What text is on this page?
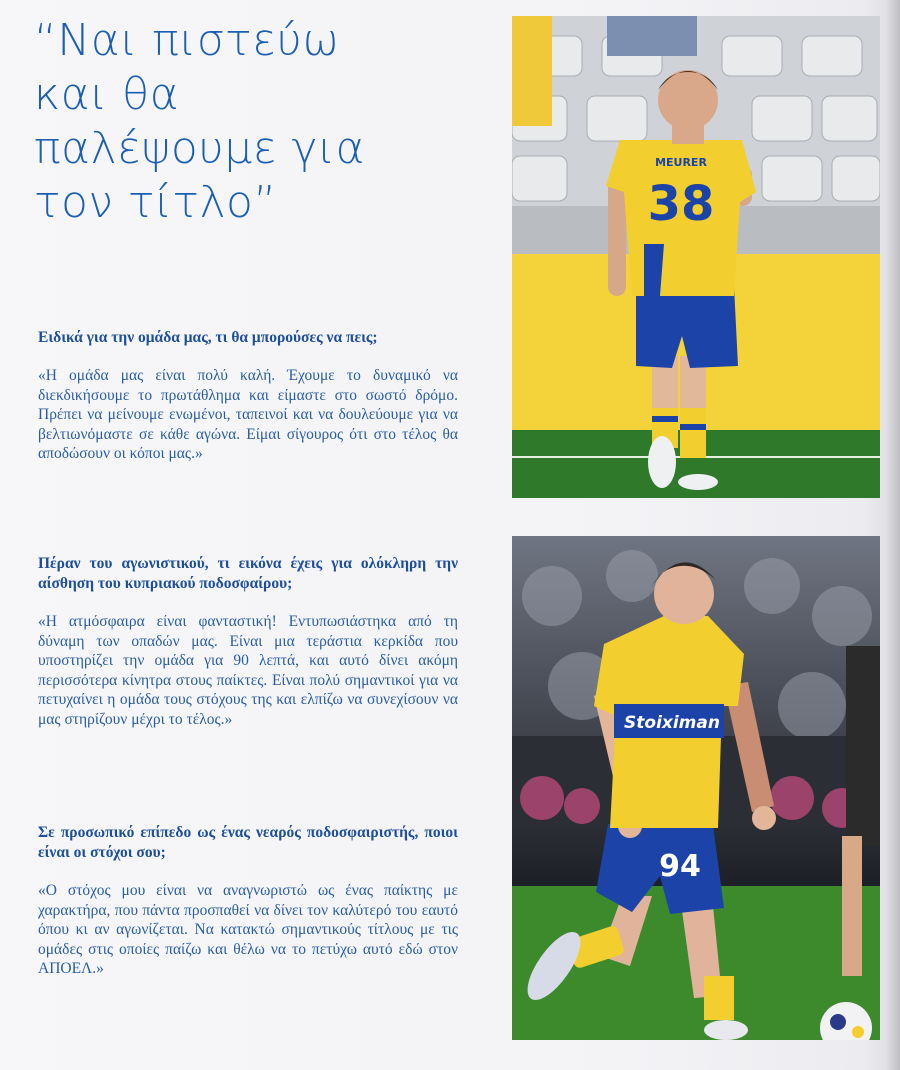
“Ναι πιστεύω
και θα
παλέψουμε για
τον τίτλο”
Ειδικά για την ομάδα μας, τι θα μπορούσες να πεις;
«Η ομάδα μας είναι πολύ καλή. Έχουμε το δυναμικό να διεκδικήσουμε το πρωτάθλημα και είμαστε στο σωστό δρόμο. Πρέπει να μείνουμε ενωμένοι, ταπεινοί και να δουλεύουμε για να βελτιωνόμαστε σε κάθε αγώνα. Είμαι σίγουρος ότι στο τέλος θα αποδώσουν οι κόποι μας.»
Πέραν του αγωνιστικού, τι εικόνα έχεις για ολόκληρη την αίσθηση του κυπριακού ποδοσφαίρου;
«Η ατμόσφαιρα είναι φανταστική! Εντυπωσιάστηκα από τη δύναμη των οπαδών μας. Είναι μια τεράστια κερκίδα που υποστηρίζει την ομάδα για 90 λεπτά, και αυτό δίνει ακόμη περισσότερα κίνητρα στους παίκτες. Είναι πολύ σημαντικοί για να πετυχαίνει η ομάδα τους στόχους της και ελπίζω να συνεχίσουν να μας στηρίζουν μέχρι το τέλος.»
Σε προσωπικό επίπεδο ως ένας νεαρός ποδοσφαιριστής, ποιοι είναι οι στόχοι σου;
«Ο στόχος μου είναι να αναγνωριστώ ως ένας παίκτης με χαρακτήρα, που πάντα προσπαθεί να δίνει τον καλύτερό του εαυτό όπου κι αν αγωνίζεται. Να κατακτώ σημαντικούς τίτλους με τις ομάδες στις οποίες παίζω και θέλω να το πετύχω αυτό εδώ στον ΑΠΟΕΛ.»
MEURER
38
94
Stoiximan
